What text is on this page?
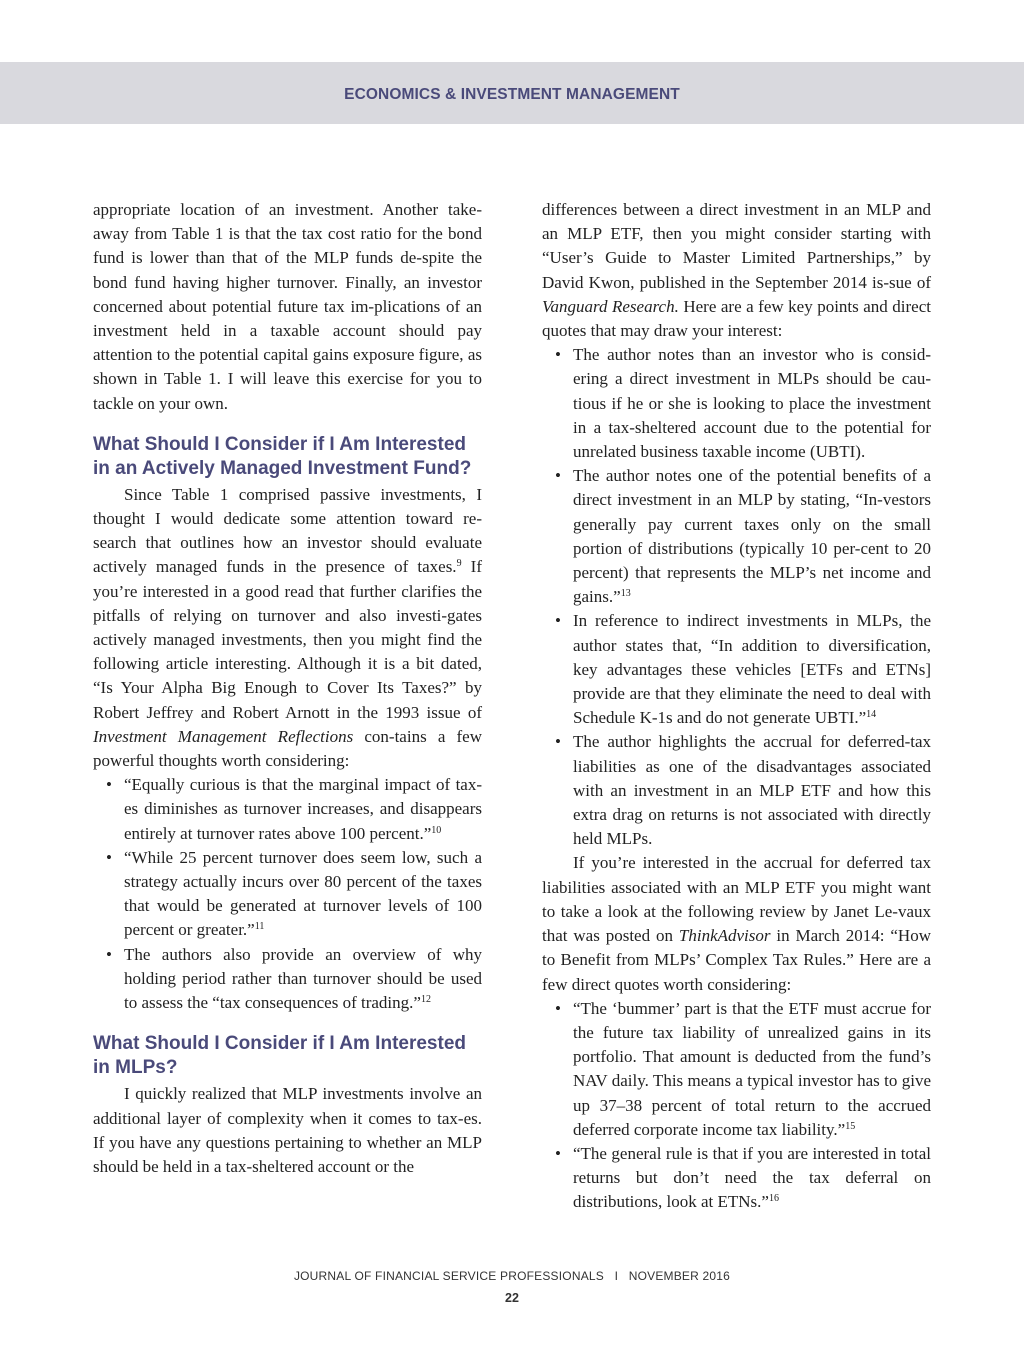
ECONOMICS & INVESTMENT MANAGEMENT

appropriate location of an investment. Another take-away from Table 1 is that the tax cost ratio for the bond fund is lower than that of the MLP funds de-spite the bond fund having higher turnover. Finally, an investor concerned about potential future tax im-plications of an investment held in a taxable account should pay attention to the potential capital gains exposure figure, as shown in Table 1. I will leave this exercise for you to tackle on your own.

What Should I Consider if I Am Interested in an Actively Managed Investment Fund?

Since Table 1 comprised passive investments, I thought I would dedicate some attention toward re-search that outlines how an investor should evaluate actively managed funds in the presence of taxes.$^9$ If you’re interested in a good read that further clarifies the pitfalls of relying on turnover and also investi-gates actively managed investments, then you might find the following article interesting. Although it is a bit dated, “Is Your Alpha Big Enough to Cover Its Taxes?” by Robert Jeffrey and Robert Arnott in the 1993 issue of Investment Management Reflections con-tains a few powerful thoughts worth considering:

• “Equally curious is that the marginal impact of tax-es diminishes as turnover increases, and disappears entirely at turnover rates above 100 percent.”$^{10}$
• “While 25 percent turnover does seem low, such a strategy actually incurs over 80 percent of the taxes that would be generated at turnover levels of 100 percent or greater.”$^{11}$
• The authors also provide an overview of why holding period rather than turnover should be used to assess the “tax consequences of trading.”$^{12}$
What Should I Consider if I Am Interested in MLPs?

I quickly realized that MLP investments involve an additional layer of complexity when it comes to tax-es. If you have any questions pertaining to whether an MLP should be held in a tax-sheltered account or the

differences between a direct investment in an MLP and an MLP ETF, then you might consider starting with “User’s Guide to Master Limited Partnerships,” by David Kwon, published in the September 2014 is-sue of Vanguard Research. Here are a few key points and direct quotes that may draw your interest:

• The author notes than an investor who is consid-ering a direct investment in MLPs should be cau-tious if he or she is looking to place the investment in a tax-sheltered account due to the potential for unrelated business taxable income (UBTI).
• The author notes one of the potential benefits of a direct investment in an MLP by stating, “In-vestors generally pay current taxes only on the small portion of distributions (typically 10 per-cent to 20 percent) that represents the MLP’s net income and gains.”$^{13}$
• In reference to indirect investments in MLPs, the author states that, “In addition to diversification, key advantages these vehicles [ETFs and ETNs] provide are that they eliminate the need to deal with Schedule K-1s and do not generate UBTI.”$^{14}$
• The author highlights the accrual for deferred-tax liabilities as one of the disadvantages associated with an investment in an MLP ETF and how this extra drag on returns is not associated with directly held MLPs.

If you’re interested in the accrual for deferred tax liabilities associated with an MLP ETF you might want to take a look at the following review by Janet Le-vaux that was posted on ThinkAdvisor in March 2014: “How to Benefit from MLPs’ Complex Tax Rules.” Here are a few direct quotes worth considering:

• “The ‘bummer’ part is that the ETF must accrue for the future tax liability of unrealized gains in its portfolio. That amount is deducted from the fund’s NAV daily. This means a typical investor has to give up 37–38 percent of total return to the accrued deferred corporate income tax liability.”$^{15}$
• “The general rule is that if you are interested in total returns but don’t need the tax deferral on distributions, look at ETNs.”$^{16}$
JOURNAL OF FINANCIAL SERVICE PROFESSIONALS   I   NOVEMBER 2016
22
